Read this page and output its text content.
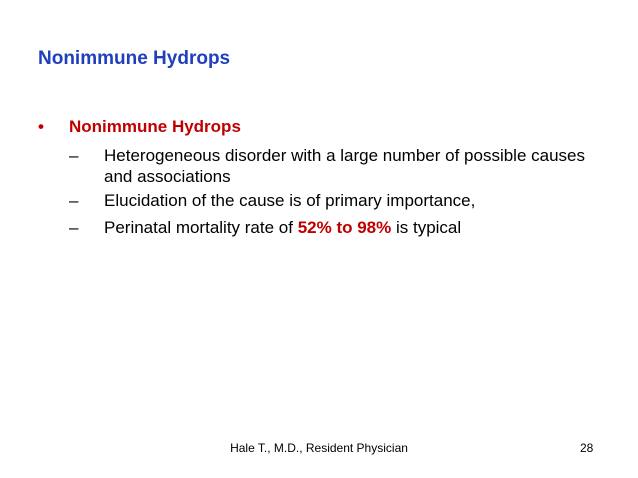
Nonimmune Hydrops
• Nonimmune Hydrops
– Heterogeneous disorder with a large number of possible causes and associations
– Elucidation of the cause is of primary importance,
– Perinatal mortality rate of 52% to 98% is typical
Hale T., M.D., Resident Physician	28
